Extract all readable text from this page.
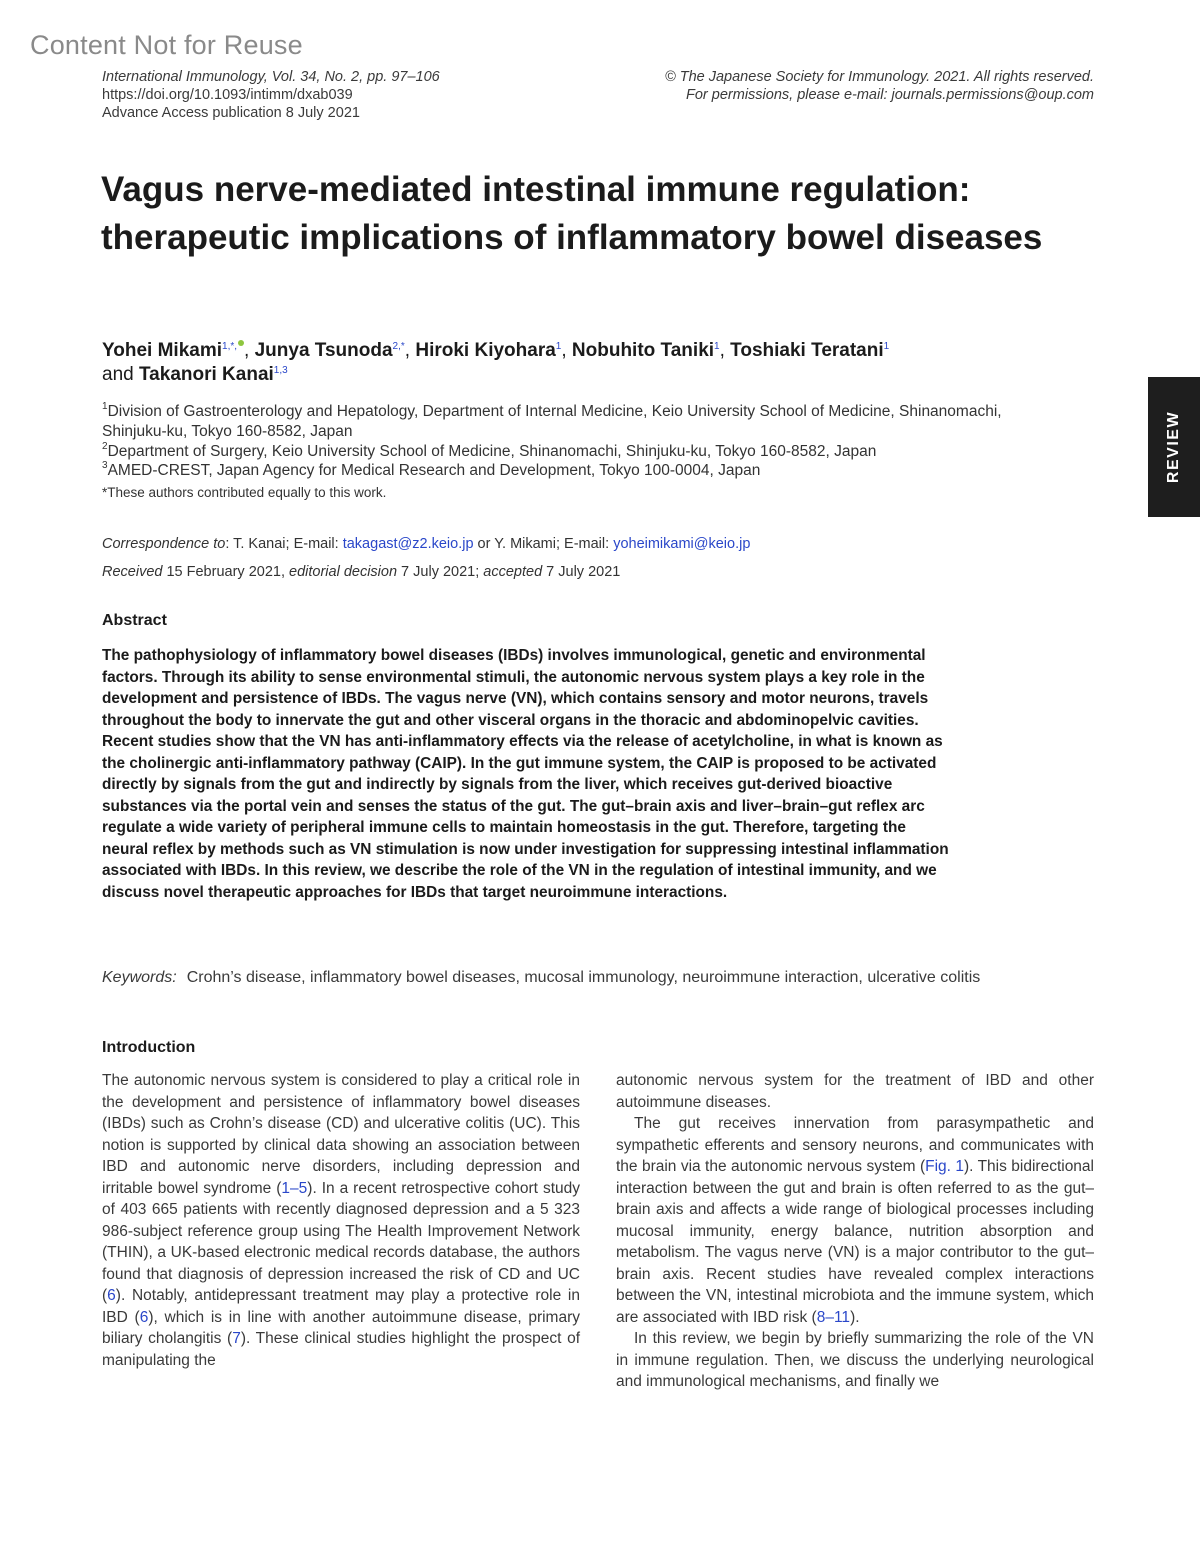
Content Not for Reuse
International Immunology, Vol. 34, No. 2, pp. 97–106
https://doi.org/10.1093/intimm/dxab039
Advance Access publication 8 July 2021
© The Japanese Society for Immunology. 2021. All rights reserved.
For permissions, please e-mail: journals.permissions@oup.com
REVIEW
Vagus nerve-mediated intestinal immune regulation: therapeutic implications of inflammatory bowel diseases
Yohei Mikami$^{1,*,}$ , Junya Tsunoda$^{2,*}$, Hiroki Kiyohara$^1$, Nobuhito Taniki$^1$, Toshiaki Teratani$^1$
and Takanori Kanai$^{1,3}$
$^1$Division of Gastroenterology and Hepatology, Department of Internal Medicine, Keio University School of Medicine, Shinanomachi, Shinjuku-ku, Tokyo 160-8582, Japan
$^2$Department of Surgery, Keio University School of Medicine, Shinanomachi, Shinjuku-ku, Tokyo 160-8582, Japan
$^3$AMED-CREST, Japan Agency for Medical Research and Development, Tokyo 100-0004, Japan
*These authors contributed equally to this work.
Correspondence to: T. Kanai; E-mail: takagast@z2.keio.jp or Y. Mikami; E-mail: yoheimikami@keio.jp
Received 15 February 2021, editorial decision 7 July 2021; accepted 7 July 2021
Abstract

The pathophysiology of inflammatory bowel diseases (IBDs) involves immunological, genetic and environmental factors. Through its ability to sense environmental stimuli, the autonomic nervous system plays a key role in the development and persistence of IBDs. The vagus nerve (VN), which contains sensory and motor neurons, travels throughout the body to innervate the gut and other visceral organs in the thoracic and abdominopelvic cavities. Recent studies show that the VN has anti-inflammatory effects via the release of acetylcholine, in what is known as the cholinergic anti-inflammatory pathway (CAIP). In the gut immune system, the CAIP is proposed to be activated directly by signals from the gut and indirectly by signals from the liver, which receives gut-derived bioactive substances via the portal vein and senses the status of the gut. The gut–brain axis and liver–brain–gut reflex arc regulate a wide variety of peripheral immune cells to maintain homeostasis in the gut. Therefore, targeting the neural reflex by methods such as VN stimulation is now under investigation for suppressing intestinal inflammation associated with IBDs. In this review, we describe the role of the VN in the regulation of intestinal immunity, and we discuss novel therapeutic approaches for IBDs that target neuroimmune interactions.

Keywords: Crohn’s disease, inflammatory bowel diseases, mucosal immunology, neuroimmune interaction, ulcerative colitis
Introduction

The autonomic nervous system is considered to play a critical role in the development and persistence of inflammatory bowel diseases (IBDs) such as Crohn’s disease (CD) and ulcerative colitis (UC). This notion is supported by clinical data showing an association between IBD and autonomic nerve disorders, including depression and irritable bowel syndrome (1–5). In a recent retrospective cohort study of 403 665 patients with recently diagnosed depression and a 5 323 986-subject reference group using The Health Improvement Network (THIN), a UK-based electronic medical records database, the authors found that diagnosis of depression increased the risk of CD and UC (6). Notably, antidepressant treatment may play a protective role in IBD (6), which is in line with another autoimmune disease, primary biliary cholangitis (7). These clinical studies highlight the prospect of manipulating the

autonomic nervous system for the treatment of IBD and other autoimmune diseases.

The gut receives innervation from parasympathetic and sympathetic efferents and sensory neurons, and communicates with the brain via the autonomic nervous system (Fig. 1). This bidirectional interaction between the gut and brain is often referred to as the gut–brain axis and affects a wide range of biological processes including mucosal immunity, energy balance, nutrition absorption and metabolism. The vagus nerve (VN) is a major contributor to the gut–brain axis. Recent studies have revealed complex interactions between the VN, intestinal microbiota and the immune system, which are associated with IBD risk (8–11).

In this review, we begin by briefly summarizing the role of the VN in immune regulation. Then, we discuss the underlying neurological and immunological mechanisms, and finally we
